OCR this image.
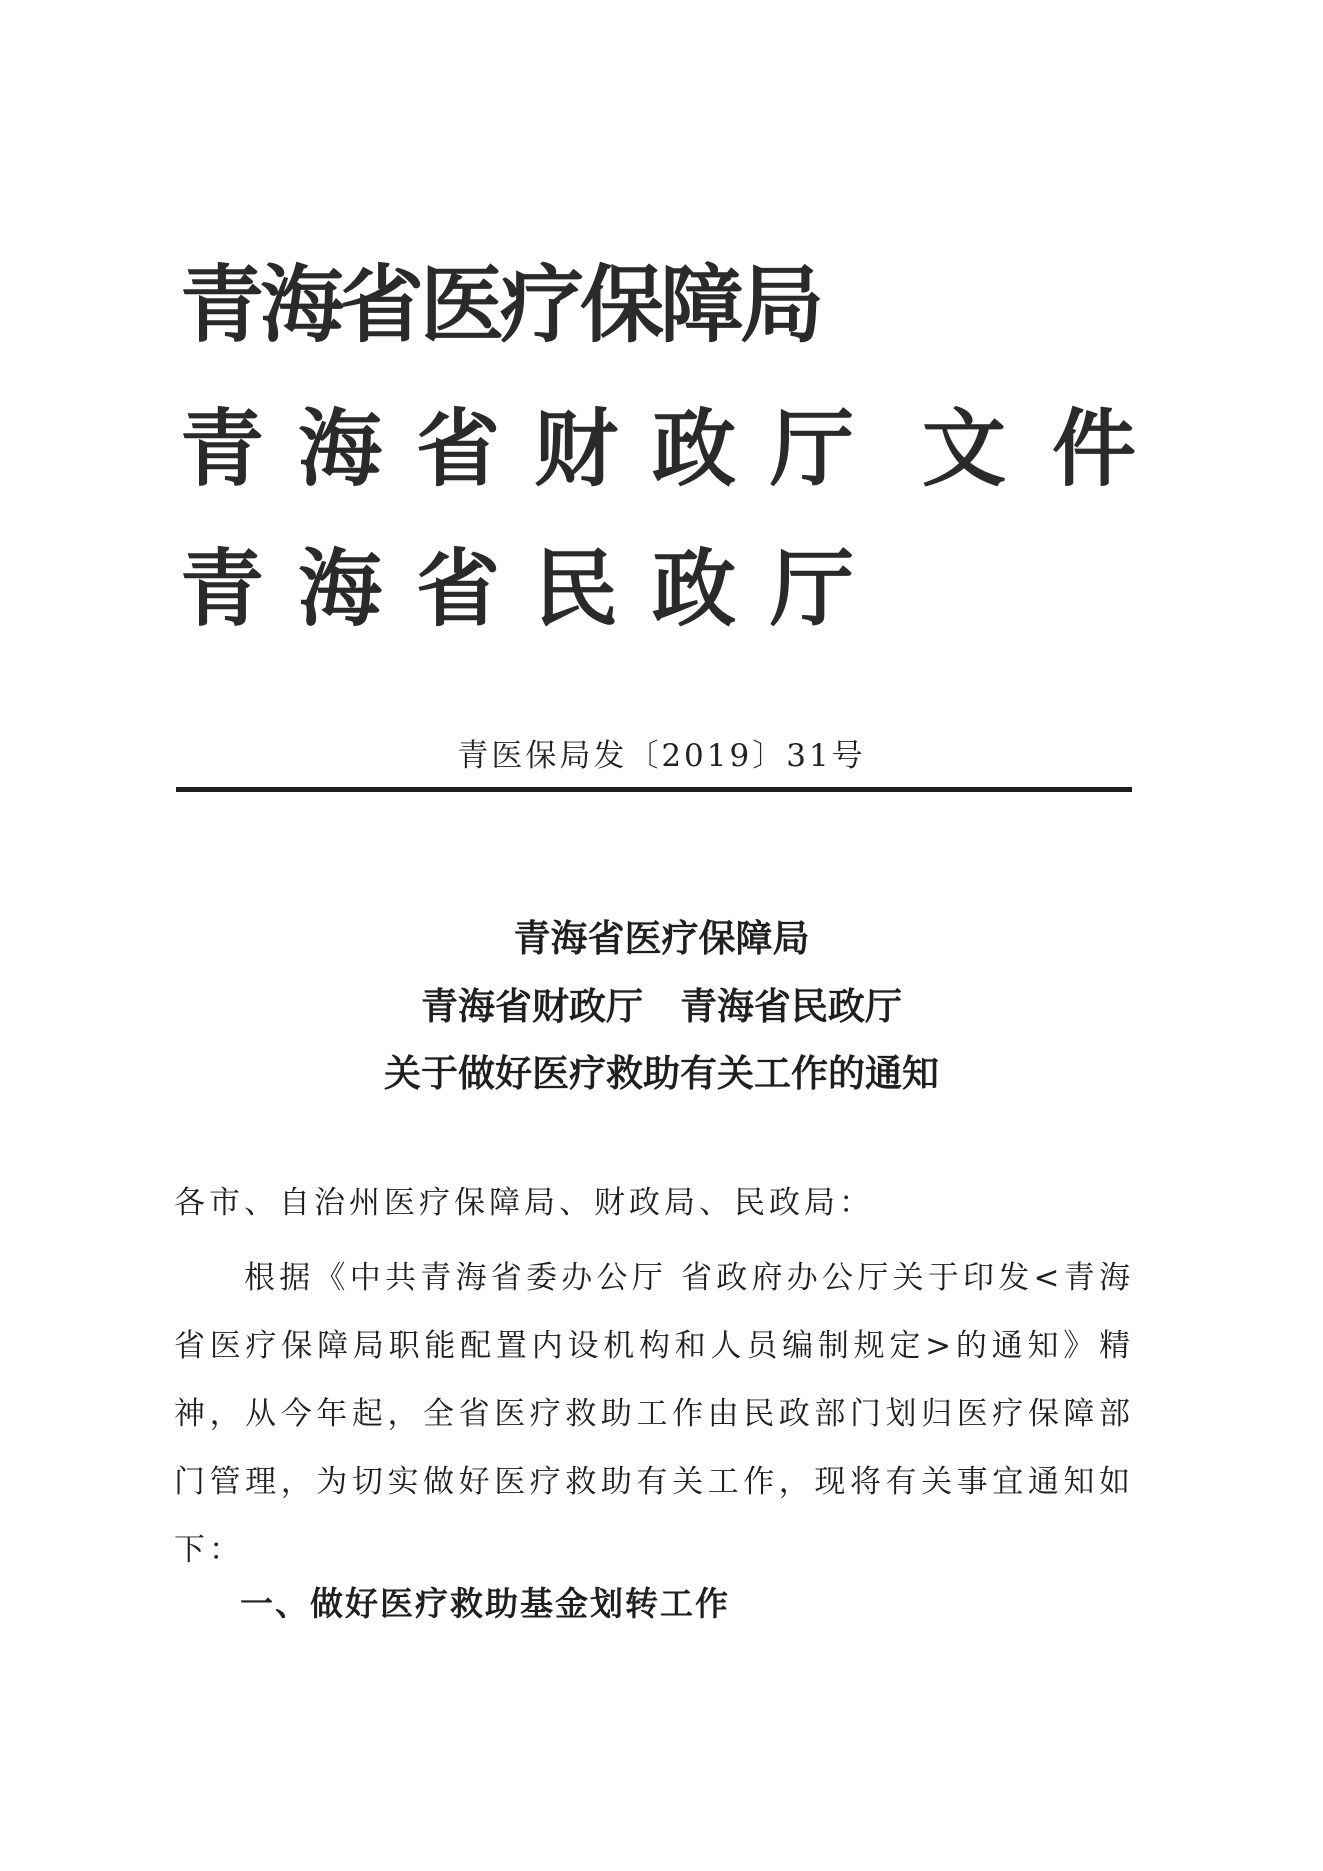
青海省医疗保障局
青海省财政厅 文件
青海省民政厅
青医保局发〔2019〕31号
青海省医疗保障局
青海省财政厅　青海省民政厅
关于做好医疗救助有关工作的通知
各市、自治州医疗保障局、财政局、民政局：
根据《中共青海省委办公厅 省政府办公厅关于印发<青海省医疗保障局职能配置内设机构和人员编制规定>的通知》精神，从今年起，全省医疗救助工作由民政部门划归医疗保障部门管理，为切实做好医疗救助有关工作，现将有关事宜通知如下：
一、做好医疗救助基金划转工作
